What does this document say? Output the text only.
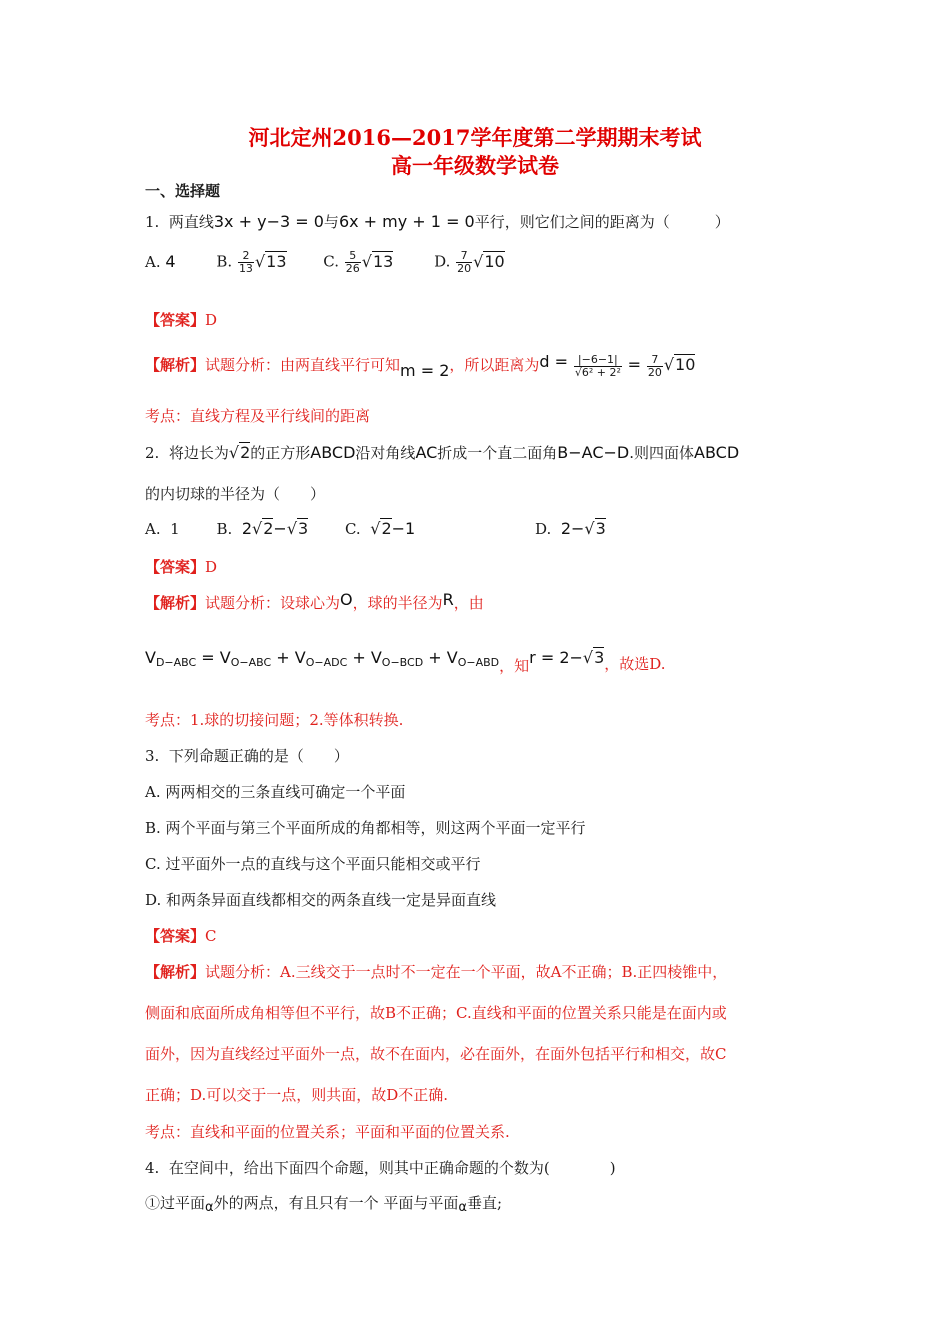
河北定州2016—2017学年度第二学期期末考试
高一年级数学试卷
一、选择题
1. 两直线3x + y−3 = 0与6x + my + 1 = 0平行，则它们之间的距离为（　　　）
A. 4	B. $\frac{2}{13} √13$ C. $\frac{5}{26} √13$	D. $\frac{7}{20} √10$
【答案】D
【解析】试题分析：由两直线平行可知m = 2，所以距离为$d = \frac{|-6-1|}{\text{√6² + 2²}} = \frac{7}{20} √10$
考点：直线方程及平行线间的距离
2. 将边长为√2的正方形ABCD沿对角线AC折成一个直二面角B−AC−D.则四面体ABCD
的内切球的半径为（　　）
A. 1 B. 2√2−√3 C. √2−1	D. 2−√3
【答案】D
【解析】试题分析：设球心为O，球的半径为R，由
$V_{D-ABC} = V_{O-ABC} + V_{O-ADC} + V_{O-BCD} + V_{O-ABD}$，知r = 2−√3，故选D.
考点：1.球的切接问题；2.等体积转换.
3. 下列命题正确的是（　　）
A. 两两相交的三条直线可确定一个平面
B. 两个平面与第三个平面所成的角都相等，则这两个平面一定平行
C. 过平面外一点的直线与这个平面只能相交或平行
D. 和两条异面直线都相交的两条直线一定是异面直线
【答案】C
【解析】试题分析：A.三线交于一点时不一定在一个平面，故A不正确；B.正四棱锥中，
侧面和底面所成角相等但不平行，故B不正确；C.直线和平面的位置关系只能是在面内或
面外，因为直线经过平面外一点，故不在面内，必在面外，在面外包括平行和相交，故C
正确；D.可以交于一点，则共面，故D不正确.
考点：直线和平面的位置关系；平面和平面的位置关系.
4. 在空间中，给出下面四个命题，则其中正确命题的个数为(　　　　)
①过平面α外的两点，有且只有一个 平面与平面α垂直;
